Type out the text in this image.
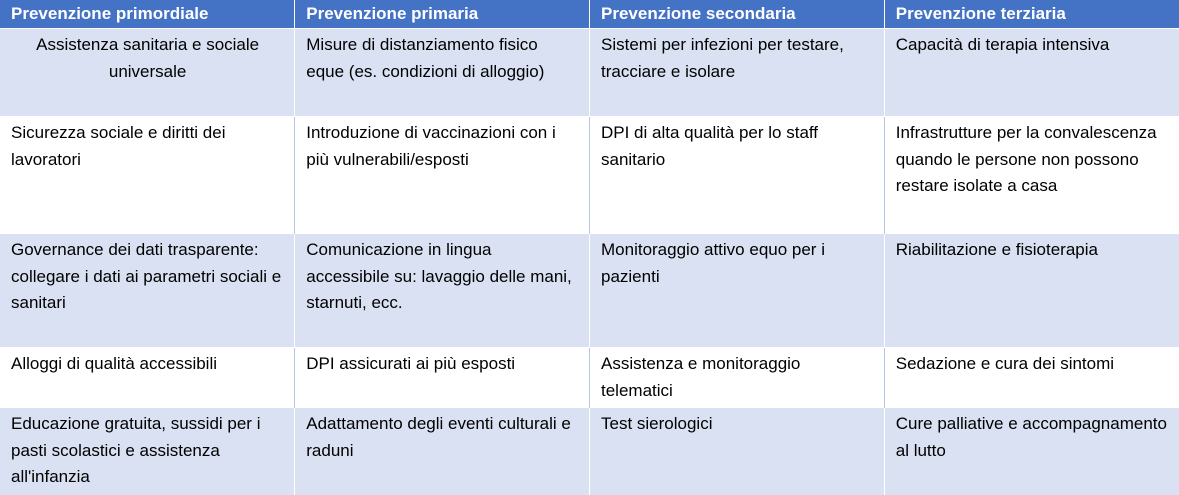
Prevenzione primordiale	Prevenzione primaria	Prevenzione secondaria	Prevenzione terziaria
Assistenza sanitaria e sociale universale	Misure di distanziamento fisico eque (es. condizioni di alloggio)	Sistemi per infezioni per testare, tracciare e isolare	Capacità di terapia intensiva
Sicurezza sociale e diritti dei lavoratori	Introduzione di vaccinazioni con i più vulnerabili/esposti	DPI di alta qualità per lo staff sanitario	Infrastrutture per la convalescenza quando le persone non possono restare isolate a casa
Governance dei dati trasparente: collegare i dati ai parametri sociali e sanitari	Comunicazione in lingua accessibile su: lavaggio delle mani, starnuti, ecc.	Monitoraggio attivo equo per i pazienti	Riabilitazione e fisioterapia
Alloggi di qualità accessibili	DPI assicurati ai più esposti	Assistenza e monitoraggio telematici	Sedazione e cura dei sintomi
Educazione gratuita, sussidi per i pasti scolastici e assistenza all'infanzia	Adattamento degli eventi culturali e raduni	Test sierologici	Cure palliative e accompagnamento al lutto
